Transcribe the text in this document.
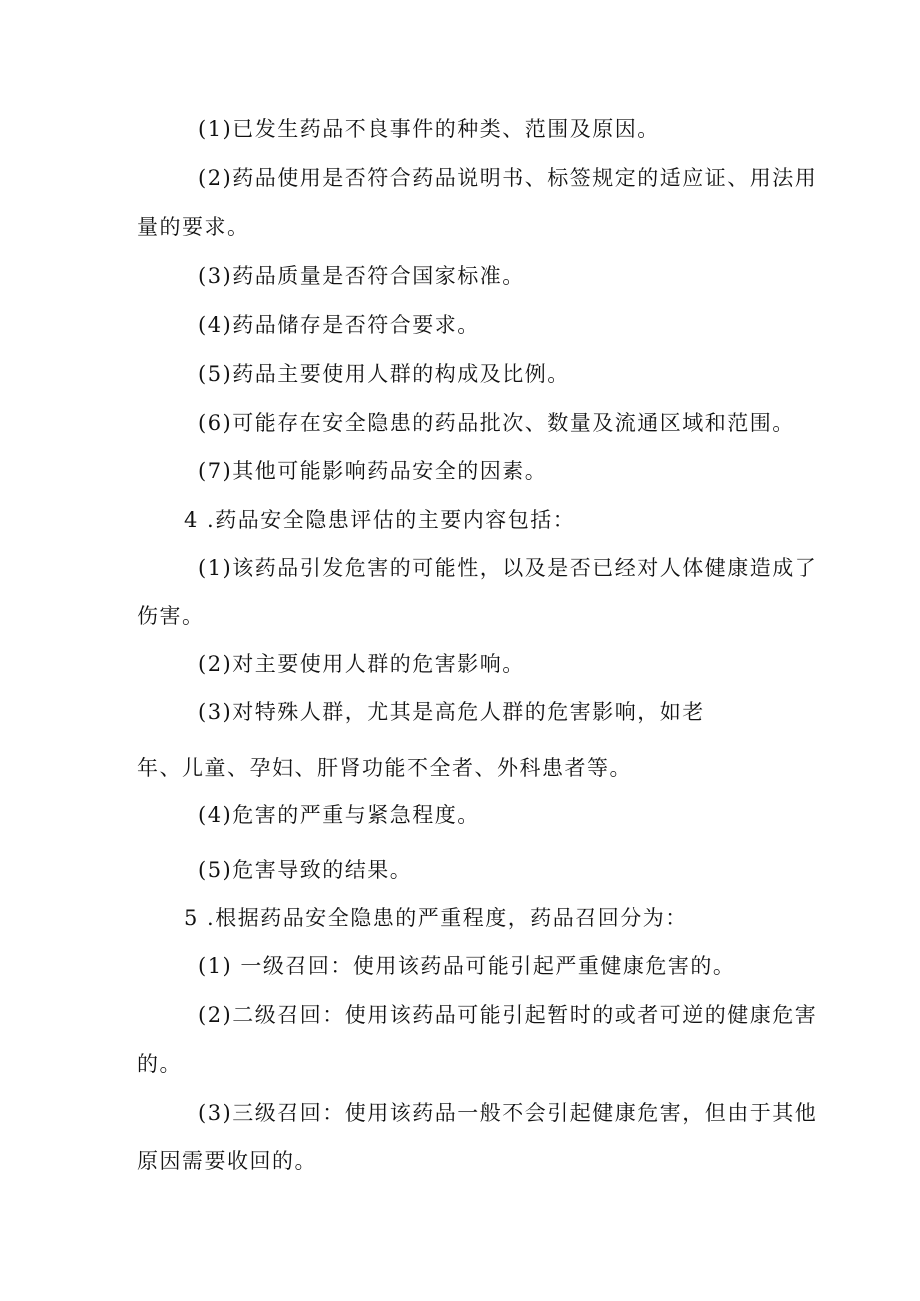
(1)已发生药品不良事件的种类、范围及原因。
(2)药品使用是否符合药品说明书、标签规定的适应证、用法用
量的要求。
(3)药品质量是否符合国家标准。
(4)药品储存是否符合要求。
(5)药品主要使用人群的构成及比例。
(6)可能存在安全隐患的药品批次、数量及流通区域和范围。
(7)其他可能影响药品安全的因素。
4 .药品安全隐患评估的主要内容包括：
(1)该药品引发危害的可能性，以及是否已经对人体健康造成了
伤害。
(2)对主要使用人群的危害影响。
(3)对特殊人群，尤其是高危人群的危害影响，如老
年、儿童、孕妇、肝肾功能不全者、外科患者等。
(4)危害的严重与紧急程度。
(5)危害导致的结果。
5 .根据药品安全隐患的严重程度，药品召回分为：
(1) 一级召回：使用该药品可能引起严重健康危害的。
(2)二级召回：使用该药品可能引起暂时的或者可逆的健康危害
的。
(3)三级召回：使用该药品一般不会引起健康危害，但由于其他
原因需要收回的。
